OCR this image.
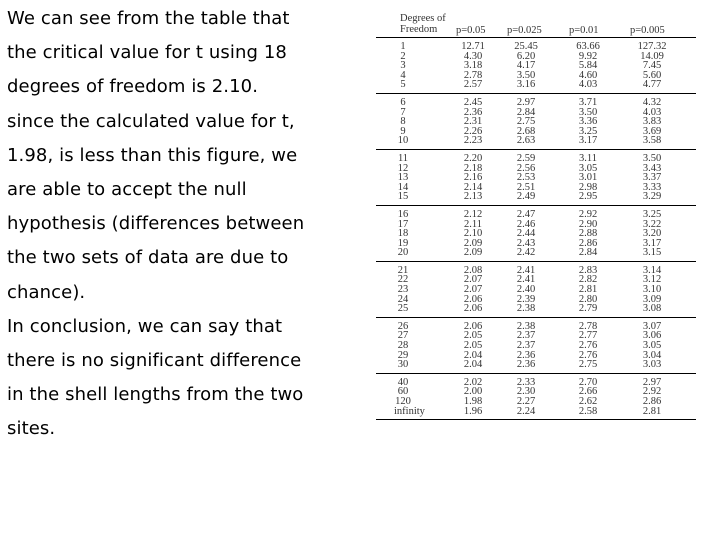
We can see from the table that
the critical value for t using 18
degrees of freedom is 2.10.
since the calculated value for t,
1.98, is less than this figure, we
are able to accept the null
hypothesis (differences between
the two sets of data are due to
chance).
In conclusion, we can say that
there is no significant difference
in the shell lengths from the two
sites.
Degrees of
Freedom	p=0.05 p=0.025	p=0.01	p=0.005
1	12.71	25.45	63.66	127.32
2	4.30	6.20	9.92	14.09
3	3.18	4.17	5.84	7.45
4	2.78	3.50	4.60	5.60
5	2.57	3.16	4.03	4.77
6	2.45	2.97	3.71	4.32
7	2.36	2.84	3.50	4.03
8	2.31	2.75	3.36	3.83
9	2.26	2.68	3.25	3.69
10	2.23	2.63	3.17	3.58
11	2.20	2.59	3.11	3.50
12	2.18	2.56	3.05	3.43
13	2.16	2.53	3.01	3.37
14	2.14	2.51	2.98	3.33
15	2.13	2.49	2.95	3.29
16	2.12	2.47	2.92	3.25
17	2.11	2.46	2.90	3.22
18	2.10	2.44	2.88	3.20
19	2.09	2.43	2.86	3.17
20	2.09	2.42	2.84	3.15
21	2.08	2.41	2.83	3.14
22	2.07	2.41	2.82	3.12
23	2.07	2.40	2.81	3.10
24	2.06	2.39	2.80	3.09
25	2.06	2.38	2.79	3.08
26	2.06	2.38	2.78	3.07
27	2.05	2.37	2.77	3.06
28	2.05	2.37	2.76	3.05
29	2.04	2.36	2.76	3.04
30	2.04	2.36	2.75	3.03
40	2.02	2.33	2.70	2.97
60	2.00	2.30	2.66	2.92
120	1.98	2.27	2.62	2.86
infinity	1.96	2.24	2.58	2.81
